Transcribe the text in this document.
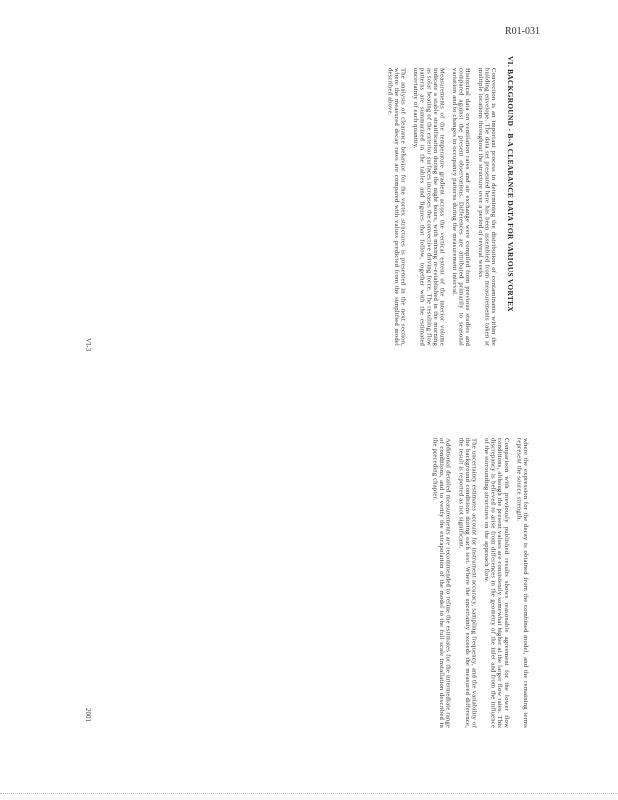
R01-031
VI. BACKGROUND - B-A CLEARANCE DATA FOR VARIOUS VORTEX

Convection is an important process in determining the distribution of contaminants within the building envelope. The data set presented here has been assembled from measurements taken at multiple locations throughout the structure over a period of several weeks.

Historical data on ventilation rates and air exchange were compiled from previous studies and compared against the present observations. Differences are attributed primarily to seasonal variation and to changes in occupancy patterns during the measurement interval.

Measurements of the temperature gradient across the vertical extent of the interior volume indicate a stable stratification during the night hours, with mixing re-established in the morning as solar heating of the exterior surfaces increases the convective driving force. The resulting flow patterns are summarized in the tables and figures that follow, together with the estimated uncertainty of each quantity.

The analysis of clearance behavior for the vortex structures is presented in the next section, where the measured decay rates are compared with values predicted from the simplified model described above.

VI-3

where the expression for the decay is obtained from the combined model, and the remaining terms represent the source strength.

Comparison with previously published results shows reasonable agreement for the lower flow conditions, although the present values are consistently somewhat higher at the larger flow rates. This discrepancy is believed to arise from differences in the geometry of the inlet and from the influence of the surrounding structures on the approach flow.

The uncertainty estimates account for instrument accuracy, sampling frequency, and the variability of the background conditions during each test. Where the uncertainty exceeds the measured difference, the result is reported as not significant.

Additional detailed measurements are recommended to refine the estimates for the intermediate range of conditions, and to verify the extrapolation of the model to the full scale installation described in the preceding chapter.

2001
